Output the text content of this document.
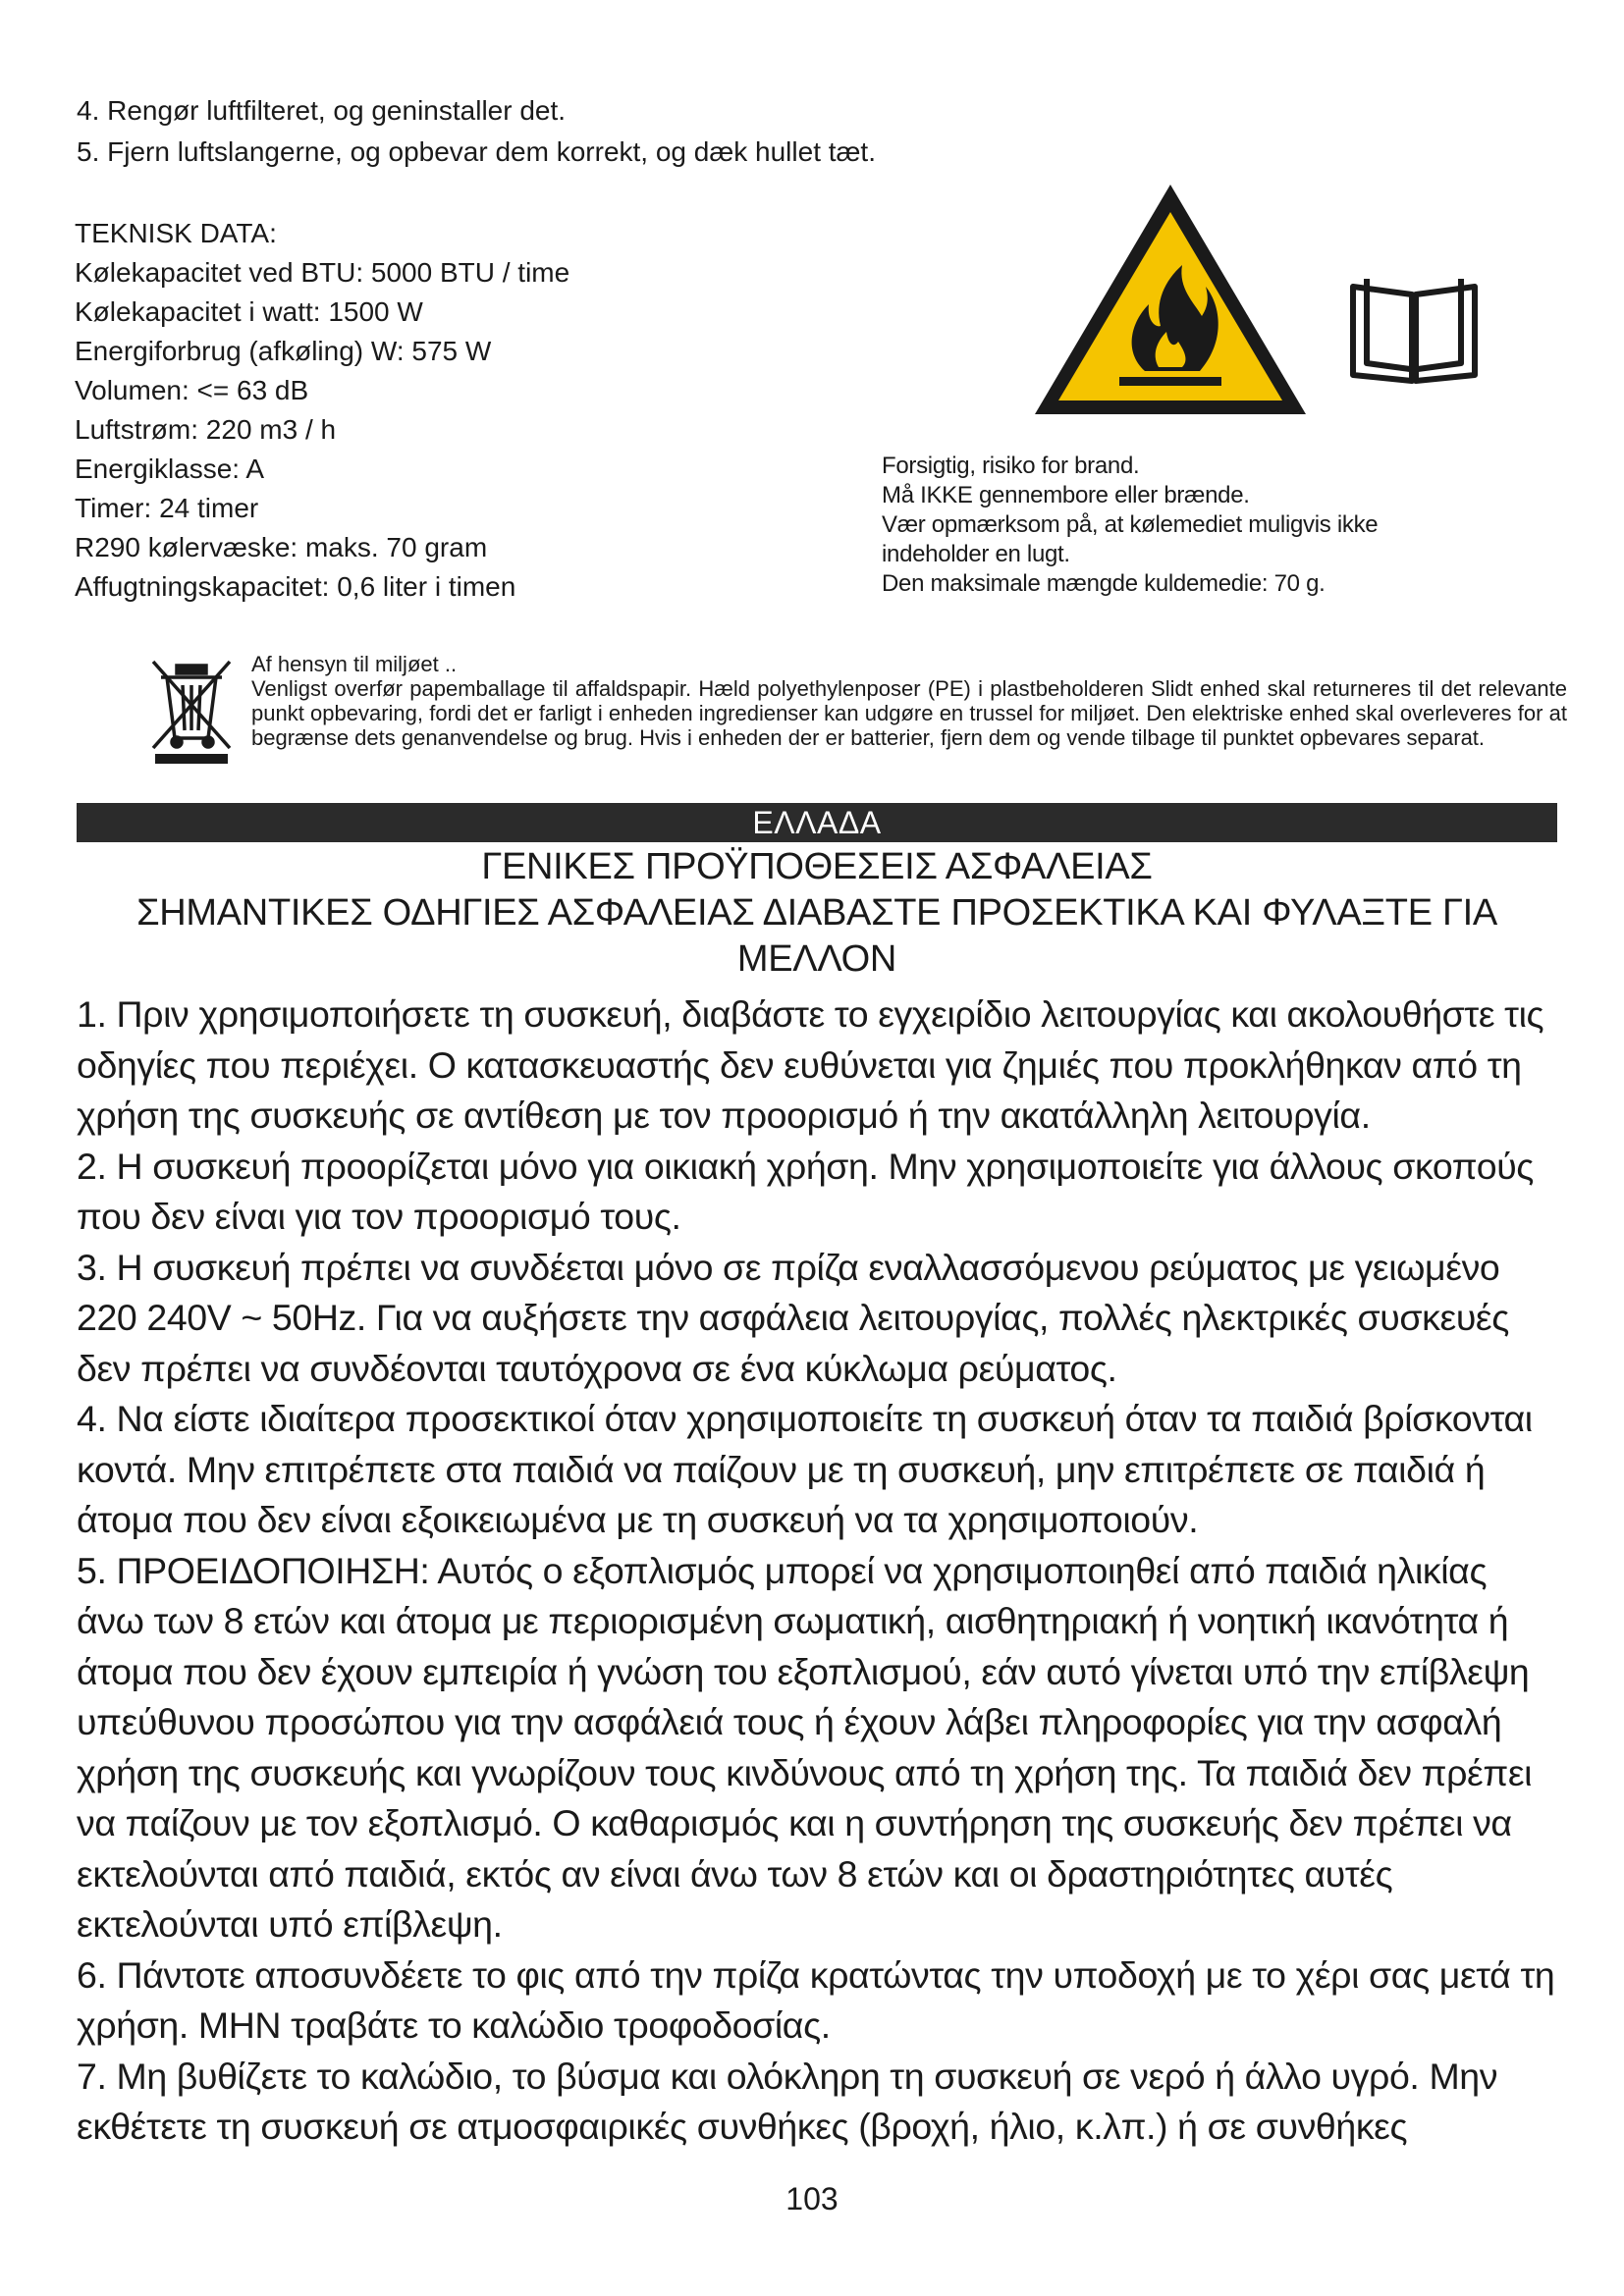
4. Rengør luftfilteret, og geninstaller det.
5. Fjern luftslangerne, og opbevar dem korrekt, og dæk hullet tæt.
TEKNISK DATA:
Kølekapacitet ved BTU: 5000 BTU / time
Kølekapacitet i watt: 1500 W
Energiforbrug (afkøling) W: 575 W
Volumen: <= 63 dB
Luftstrøm: 220 m3 / h
Energiklasse: A
Timer: 24 timer
R290 kølervæske: maks. 70 gram
Affugtningskapacitet: 0,6 liter i timen
Forsigtig, risiko for brand.
Må IKKE gennembore eller brænde.
Vær opmærksom på, at kølemediet muligvis ikke
indeholder en lugt.
Den maksimale mængde kuldemedie: 70 g.
Af hensyn til miljøet ..
Venligst overfør papemballage til affaldspapir. Hæld polyethylenposer (PE) i plastbeholderen Slidt enhed skal returneres til det relevante punkt opbevaring, fordi det er farligt i enheden ingredienser kan udgøre en trussel for miljøet. Den elektriske enhed skal overleveres for at begrænse dets genanvendelse og brug. Hvis i enheden der er batterier, fjern dem og vende tilbage til punktet opbevares separat.
ΕΛΛΑΔΑ
ΓΕΝΙΚΕΣ ΠΡΟΫΠΟΘΕΣΕΙΣ ΑΣΦΑΛΕΙΑΣ
ΣΗΜΑΝΤΙΚΕΣ ΟΔΗΓΙΕΣ ΑΣΦΑΛΕΙΑΣ ΔΙΑΒΑΣΤΕ ΠΡΟΣΕΚΤΙΚΑ ΚΑΙ ΦΥΛΑΞΤΕ ΓΙΑ
ΜΕΛΛΟΝ

1. Πριν χρησιμοποιήσετε τη συσκευή, διαβάστε το εγχειρίδιο λειτουργίας και ακολουθήστε τις οδηγίες που περιέχει. Ο κατασκευαστής δεν ευθύνεται για ζημιές που προκλήθηκαν από τη χρήση της συσκευής σε αντίθεση με τον προορισμό ή την ακατάλληλη λειτουργία.

2. Η συσκευή προορίζεται μόνο για οικιακή χρήση. Μην χρησιμοποιείτε για άλλους σκοπούς που δεν είναι για τον προορισμό τους.

3. Η συσκευή πρέπει να συνδέεται μόνο σε πρίζα εναλλασσόμενου ρεύματος με γειωμένο 220 240V ~ 50Hz. Για να αυξήσετε την ασφάλεια λειτουργίας, πολλές ηλεκτρικές συσκευές δεν πρέπει να συνδέονται ταυτόχρονα σε ένα κύκλωμα ρεύματος.

4. Να είστε ιδιαίτερα προσεκτικοί όταν χρησιμοποιείτε τη συσκευή όταν τα παιδιά βρίσκονται κοντά. Μην επιτρέπετε στα παιδιά να παίζουν με τη συσκευή, μην επιτρέπετε σε παιδιά ή άτομα που δεν είναι εξοικειωμένα με τη συσκευή να τα χρησιμοποιούν.

5. ΠΡΟΕΙΔΟΠΟΙΗΣΗ: Αυτός ο εξοπλισμός μπορεί να χρησιμοποιηθεί από παιδιά ηλικίας άνω των 8 ετών και άτομα με περιορισμένη σωματική, αισθητηριακή ή νοητική ικανότητα ή άτομα που δεν έχουν εμπειρία ή γνώση του εξοπλισμού, εάν αυτό γίνεται υπό την επίβλεψη υπεύθυνου προσώπου για την ασφάλειά τους ή έχουν λάβει πληροφορίες για την ασφαλή χρήση της συσκευής και γνωρίζουν τους κινδύνους από τη χρήση της. Τα παιδιά δεν πρέπει να παίζουν με τον εξοπλισμό. Ο καθαρισμός και η συντήρηση της συσκευής δεν πρέπει να εκτελούνται από παιδιά, εκτός αν είναι άνω των 8 ετών και οι δραστηριότητες αυτές εκτελούνται υπό επίβλεψη.

6. Πάντοτε αποσυνδέετε το φις από την πρίζα κρατώντας την υποδοχή με το χέρι σας μετά τη χρήση. ΜΗΝ τραβάτε το καλώδιο τροφοδοσίας.

7. Μη βυθίζετε το καλώδιο, το βύσμα και ολόκληρη τη συσκευή σε νερό ή άλλο υγρό. Μην εκθέτετε τη συσκευή σε ατμοσφαιρικές συνθήκες (βροχή, ήλιο, κ.λπ.) ή σε συνθήκες

103
